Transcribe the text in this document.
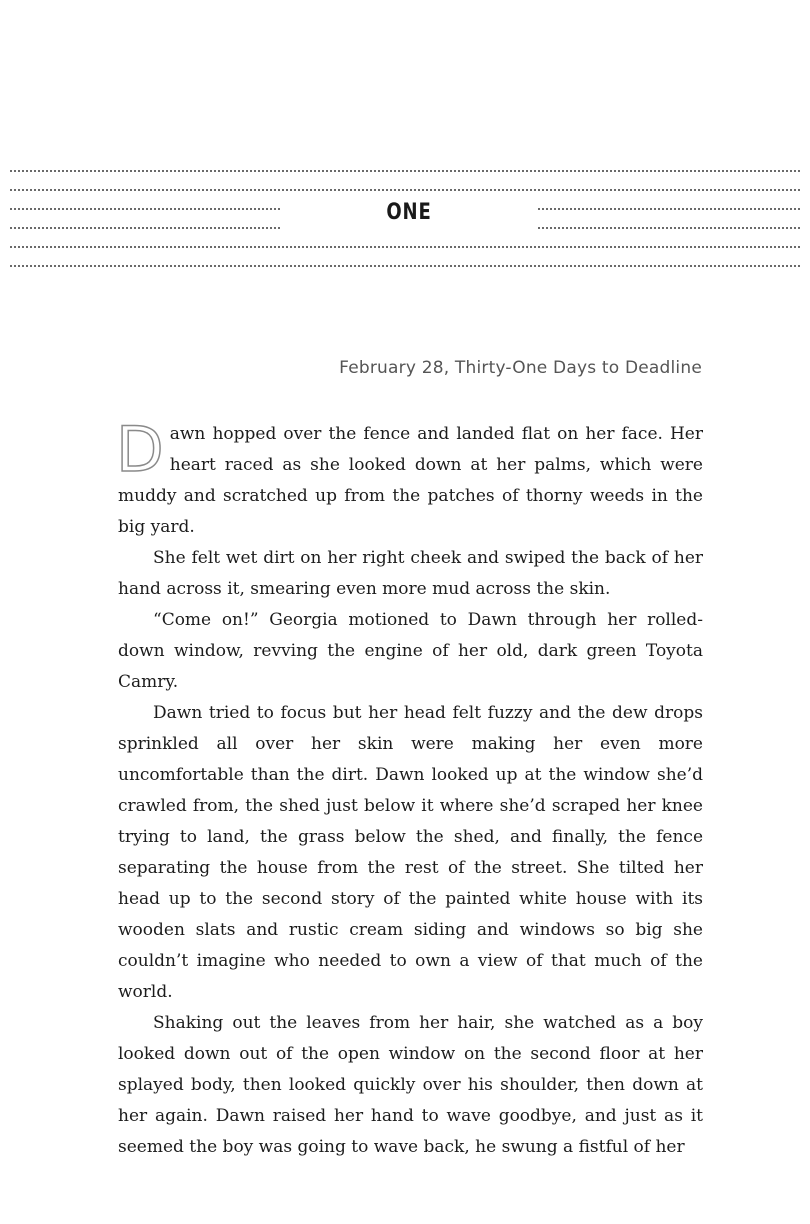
ONE
February 28, Thirty-One Days to Deadline

Dawn hopped over the fence and landed flat on her face. Her heart raced as she looked down at her palms, which were muddy and scratched up from the patches of thorny weeds in the big yard.

She felt wet dirt on her right cheek and swiped the back of her hand across it, smearing even more mud across the skin.

“Come on!” Georgia motioned to Dawn through her rolled-down window, revving the engine of her old, dark green Toyota Camry.

Dawn tried to focus but her head felt fuzzy and the dew drops sprinkled all over her skin were making her even more uncomfortable than the dirt. Dawn looked up at the window she’d crawled from, the shed just below it where she’d scraped her knee trying to land, the grass below the shed, and finally, the fence separating the house from the rest of the street. She tilted her head up to the second story of the painted white house with its wooden slats and rustic cream siding and windows so big she couldn’t imagine who needed to own a view of that much of the world.

Shaking out the leaves from her hair, she watched as a boy looked down out of the open window on the second floor at her splayed body, then looked quickly over his shoulder, then down at her again. Dawn raised her hand to wave goodbye, and just as it seemed the boy was going to wave back, he swung a fistful of her
